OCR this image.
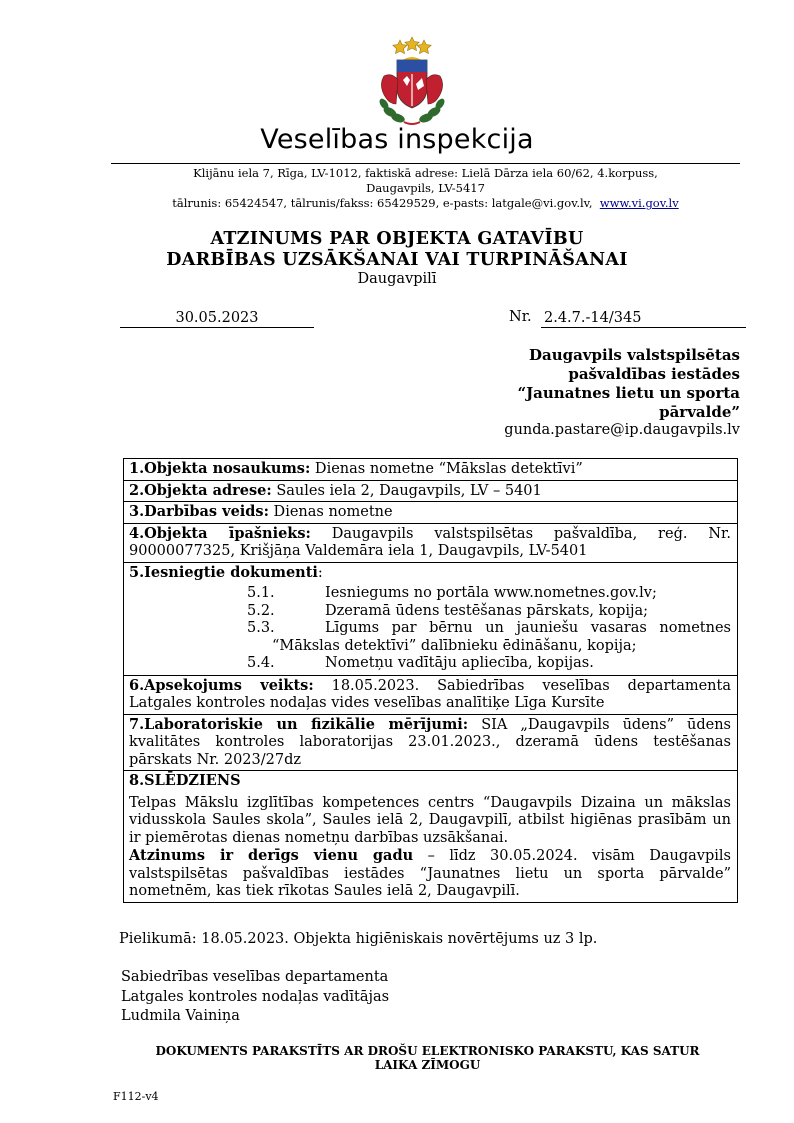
Veselības inspekcija
Klijānu iela 7, Rīga, LV-1012, faktiskā adrese: Lielā Dārza iela 60/62, 4.korpuss,
Daugavpils, LV-5417
tālrunis: 65424547, tālrunis/fakss: 65429529, e-pasts: latgale@vi.gov.lv, www.vi.gov.lv
ATZINUMS PAR OBJEKTA GATAVĪBU
DARBĪBAS UZSĀKŠANAI VAI TURPINĀŠANAI
Daugavpilī
30.05.2023	Nr. 2.4.7.-14/345
Daugavpils valstspilsētas
pašvaldības iestādes
“Jaunatnes lietu un sporta
pārvalde”
gunda.pastare@ip.daugavpils.lv
1.Objekta nosaukums: Dienas nometne “Mākslas detektīvi”
2.Objekta adrese: Saules iela 2, Daugavpils, LV – 5401
3.Darbības veids: Dienas nometne
4.Objekta īpašnieks: Daugavpils valstspilsētas pašvaldība, reģ. Nr. 90000077325, Krišjāņa Valdemāra iela 1, Daugavpils, LV-5401
5.Iesniegtie dokumenti:
5.1.	Iesniegums no portāla www.nometnes.gov.lv;
5.2.	Dzeramā ūdens testēšanas pārskats, kopija;
5.3.	Līgums par bērnu un jauniešu vasaras nometnes
“Mākslas detektīvi” dalībnieku ēdināšanu, kopija;
5.4.	Nometņu vadītāju apliecība, kopijas.

6.Apsekojums veikts: 18.05.2023. Sabiedrības veselības departamenta Latgales kontroles nodaļas vides veselības analītiķe Līga Kursīte
7.Laboratoriskie un fizikālie mērījumi: SIA „Daugavpils ūdens” ūdens kvalitātes kontroles laboratorijas 23.01.2023., dzeramā ūdens testēšanas pārskats Nr. 2023/27dz

8.SLĒDZIENS
Telpas Mākslu izglītības kompetences centrs “Daugavpils Dizaina un mākslas vidusskola Saules skola”, Saules ielā 2, Daugavpilī, atbilst higiēnas prasībām un ir piemērotas dienas nometņu darbības uzsākšanai.
Atzinums ir derīgs vienu gadu – līdz 30.05.2024. visām Daugavpils valstspilsētas pašvaldības iestādes “Jaunatnes lietu un sporta pārvalde” nometnēm, kas tiek rīkotas Saules ielā 2, Daugavpilī.
Pielikumā: 18.05.2023. Objekta higiēniskais novērtējums uz 3 lp.
Sabiedrības veselības departamenta
Latgales kontroles nodaļas vadītājas
Ludmila Vainiņa
DOKUMENTS PARAKSTĪTS AR DROŠU ELEKTRONISKO PARAKSTU, KAS SATUR
LAIKA ZĪMOGU
F112-v4
